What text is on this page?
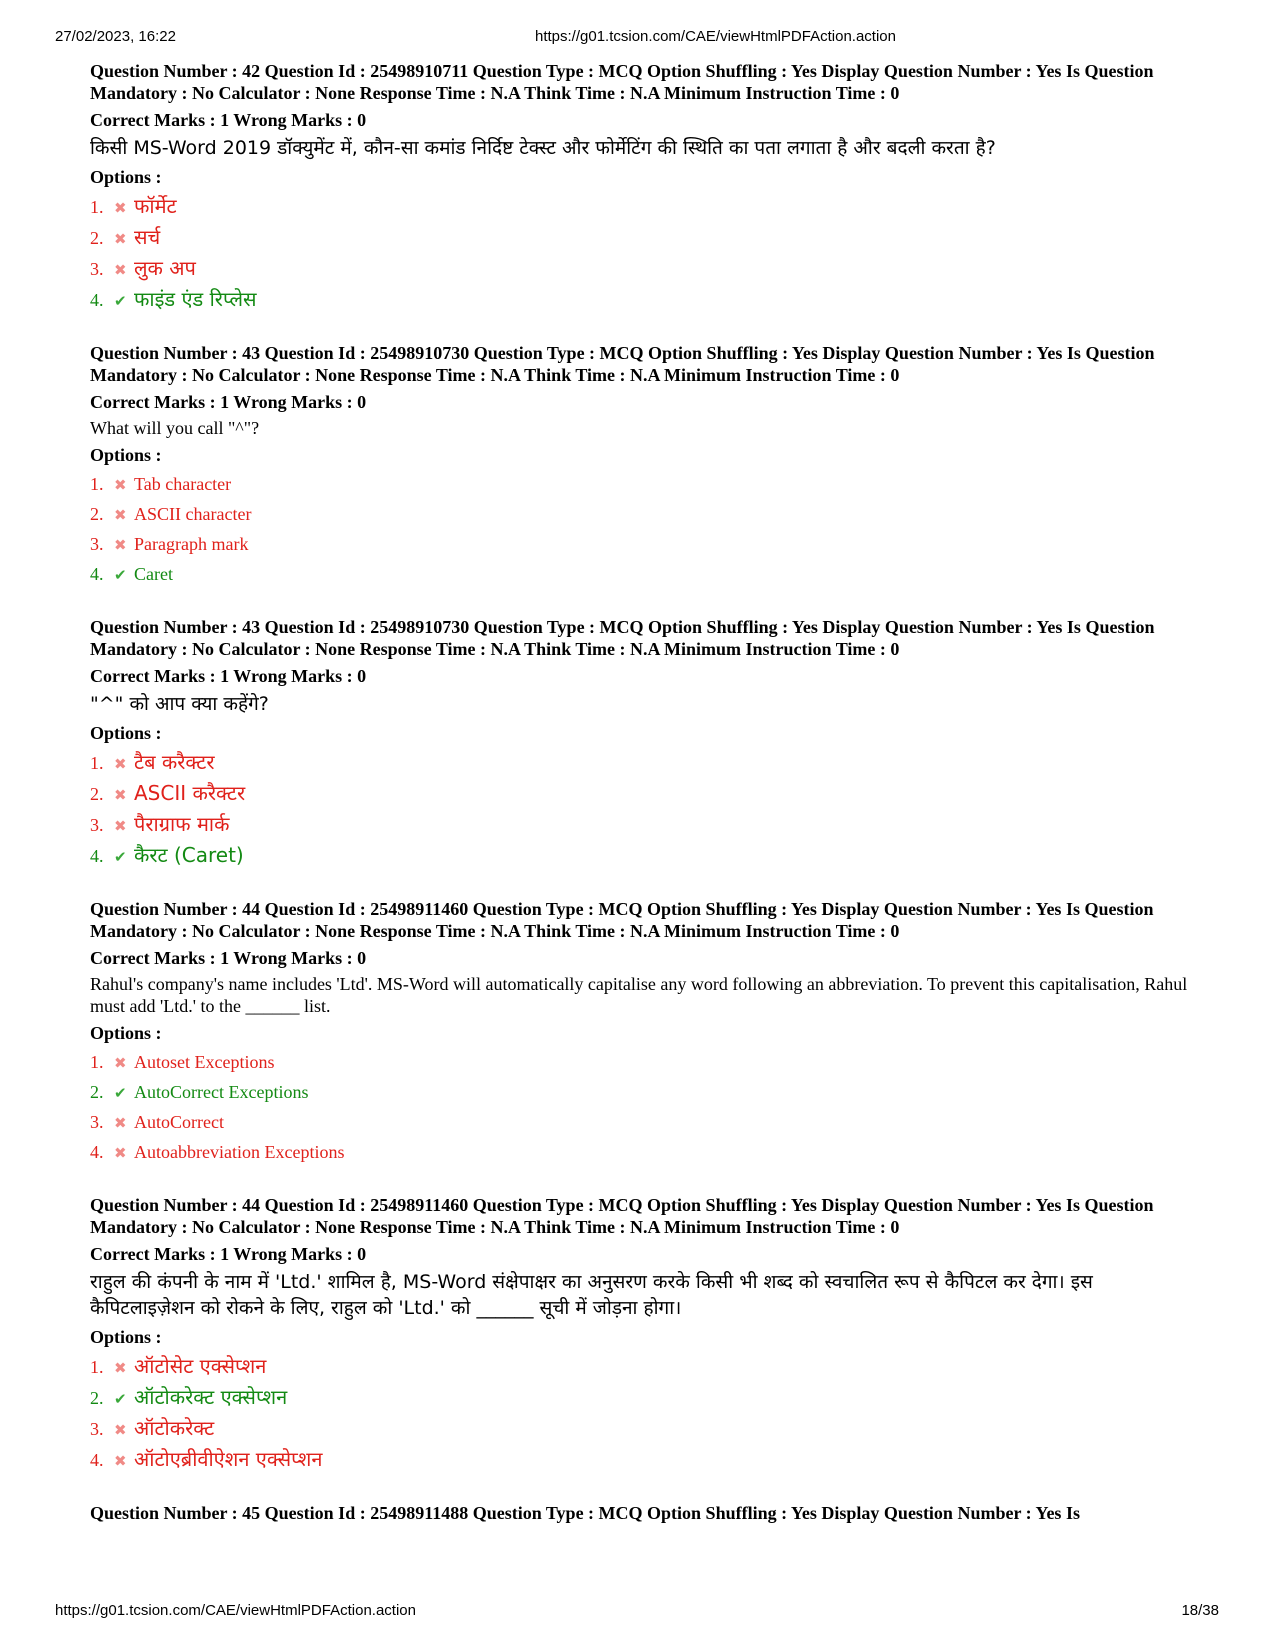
27/02/2023, 16:22	https://g01.tcsion.com/CAE/viewHtmlPDFAction.action
Question Number : 42 Question Id : 25498910711 Question Type : MCQ Option Shuffling : Yes Display Question Number : Yes Is Question Mandatory : No Calculator : None Response Time : N.A Think Time : N.A Minimum Instruction Time : 0
Correct Marks : 1 Wrong Marks : 0
किसी MS-Word 2019 डॉक्युमेंट में, कौन-सा कमांड निर्दिष्ट टेक्स्ट और फोर्मेटिंग की स्थिति का पता लगाता है और बदली करता है?
Options :
1. ✖ फॉर्मेट
2. ✖ सर्च
3. ✖ लुक अप
4. ✔ फाइंड एंड रिप्लेस
Question Number : 43 Question Id : 25498910730 Question Type : MCQ Option Shuffling : Yes Display Question Number : Yes Is Question Mandatory : No Calculator : None Response Time : N.A Think Time : N.A Minimum Instruction Time : 0
Correct Marks : 1 Wrong Marks : 0
What will you call "^"?
Options :
1. ✖ Tab character
2. ✖ ASCII character
3. ✖ Paragraph mark
4. ✔ Caret
Question Number : 43 Question Id : 25498910730 Question Type : MCQ Option Shuffling : Yes Display Question Number : Yes Is Question Mandatory : No Calculator : None Response Time : N.A Think Time : N.A Minimum Instruction Time : 0
Correct Marks : 1 Wrong Marks : 0
"^" को आप क्या कहेंगे?
Options :
1. ✖ टैब करैक्टर
2. ✖ ASCII करैक्टर
3. ✖ पैराग्राफ मार्क
4. ✔ कैरट (Caret)
Question Number : 44 Question Id : 25498911460 Question Type : MCQ Option Shuffling : Yes Display Question Number : Yes Is Question Mandatory : No Calculator : None Response Time : N.A Think Time : N.A Minimum Instruction Time : 0
Correct Marks : 1 Wrong Marks : 0
Rahul's company's name includes 'Ltd'. MS-Word will automatically capitalise any word following an abbreviation. To prevent this capitalisation, Rahul must add 'Ltd.' to the ______ list.
Options :
1. ✖ Autoset Exceptions
2. ✔ AutoCorrect Exceptions
3. ✖ AutoCorrect
4. ✖ Autoabbreviation Exceptions
Question Number : 44 Question Id : 25498911460 Question Type : MCQ Option Shuffling : Yes Display Question Number : Yes Is Question Mandatory : No Calculator : None Response Time : N.A Think Time : N.A Minimum Instruction Time : 0
Correct Marks : 1 Wrong Marks : 0
राहुल की कंपनी के नाम में 'Ltd.' शामिल है, MS-Word संक्षेपाक्षर का अनुसरण करके किसी भी शब्द को स्वचालित रूप से कैपिटल कर देगा। इस कैपिटलाइज़ेशन को रोकने के लिए, राहुल को 'Ltd.' को ______ सूची में जोड़ना होगा।
Options :
1. ✖ ऑटोसेट एक्सेप्शन
2. ✔ ऑटोकरेक्ट एक्सेप्शन
3. ✖ ऑटोकरेक्ट
4. ✖ ऑटोएब्रीवीऐशन एक्सेप्शन
Question Number : 45 Question Id : 25498911488 Question Type : MCQ Option Shuffling : Yes Display Question Number : Yes Is
https://g01.tcsion.com/CAE/viewHtmlPDFAction.action	18/38
